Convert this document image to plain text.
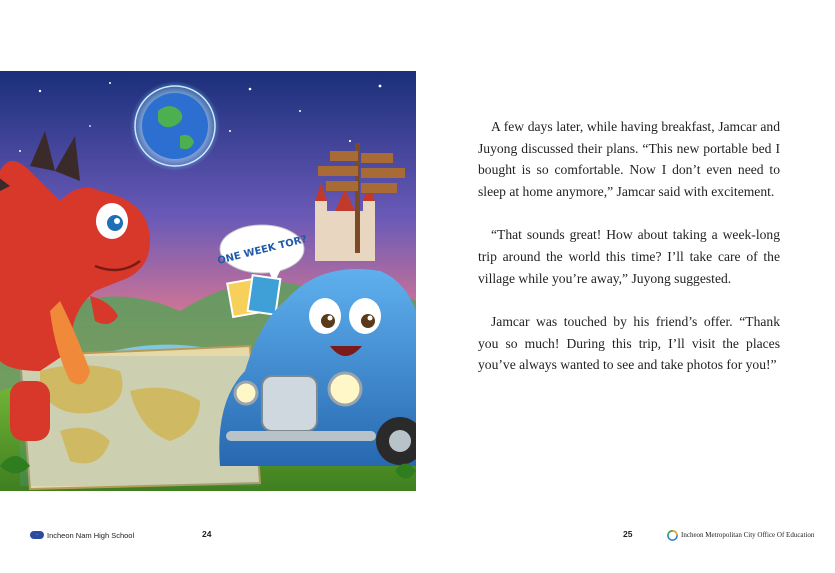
ONE WEEK TOR?

A few days later, while having breakfast, Jamcar and Juyong discussed their plans. “This new portable bed I bought is so comfortable. Now I don’t even need to sleep at home anymore,” Jamcar said with excitement.

“That sounds great! How about taking a week-long trip around the world this time? I’ll take care of the village while you’re away,” Juyong suggested.

Jamcar was touched by his friend’s offer. “Thank you so much! During this trip, I’ll visit the places you’ve always wanted to see and take photos for you!”

··	Incheon Nam High School	24	25	Incheon Metropolitan City Office Of Education
